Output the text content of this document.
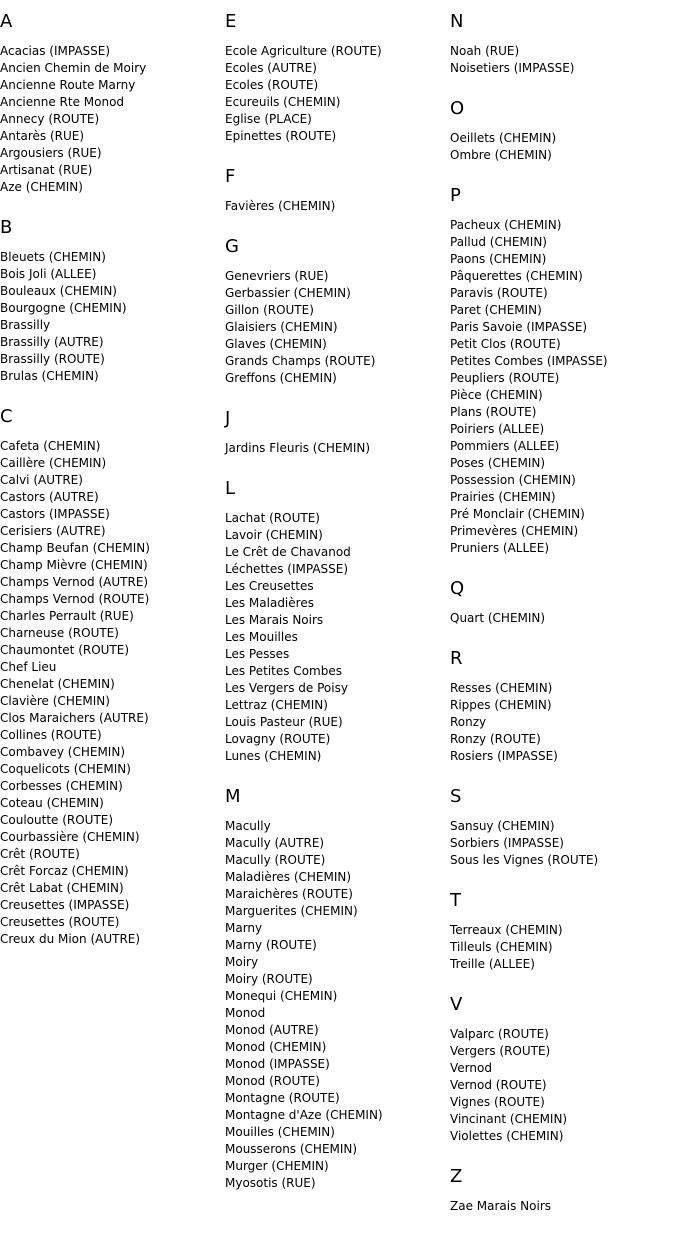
A
Acacias (IMPASSE)
Ancien Chemin de Moiry
Ancienne Route Marny
Ancienne Rte Monod
Annecy (ROUTE)
Antarès (RUE)
Argousiers (RUE)
Artisanat (RUE)
Aze (CHEMIN)
B
Bleuets (CHEMIN)
Bois Joli (ALLEE)
Bouleaux (CHEMIN)
Bourgogne (CHEMIN)
Brassilly
Brassilly (AUTRE)
Brassilly (ROUTE)
Brulas (CHEMIN)
C
Cafeta (CHEMIN)
Caillère (CHEMIN)
Calvi (AUTRE)
Castors (AUTRE)
Castors (IMPASSE)
Cerisiers (AUTRE)
Champ Beufan (CHEMIN)
Champ Mièvre (CHEMIN)
Champs Vernod (AUTRE)
Champs Vernod (ROUTE)
Charles Perrault (RUE)
Charneuse (ROUTE)
Chaumontet (ROUTE)
Chef Lieu
Chenelat (CHEMIN)
Clavière (CHEMIN)
Clos Maraichers (AUTRE)
Collines (ROUTE)
Combavey (CHEMIN)
Coquelicots (CHEMIN)
Corbesses (CHEMIN)
Coteau (CHEMIN)
Couloutte (ROUTE)
Courbassière (CHEMIN)
Crêt (ROUTE)
Crêt Forcaz (CHEMIN)
Crêt Labat (CHEMIN)
Creusettes (IMPASSE)
Creusettes (ROUTE)
Creux du Mion (AUTRE)
E
Ecole Agriculture (ROUTE)
Ecoles (AUTRE)
Ecoles (ROUTE)
Ecureuils (CHEMIN)
Eglise (PLACE)
Epinettes (ROUTE)
F
Favières (CHEMIN)
G
Genevriers (RUE)
Gerbassier (CHEMIN)
Gillon (ROUTE)
Glaisiers (CHEMIN)
Glaves (CHEMIN)
Grands Champs (ROUTE)
Greffons (CHEMIN)
J
Jardins Fleuris (CHEMIN)
L
Lachat (ROUTE)
Lavoir (CHEMIN)
Le Crêt de Chavanod
Léchettes (IMPASSE)
Les Creusettes
Les Maladières
Les Marais Noirs
Les Mouilles
Les Pesses
Les Petites Combes
Les Vergers de Poisy
Lettraz (CHEMIN)
Louis Pasteur (RUE)
Lovagny (ROUTE)
Lunes (CHEMIN)
M
Macully
Macully (AUTRE)
Macully (ROUTE)
Maladières (CHEMIN)
Maraichères (ROUTE)
Marguerites (CHEMIN)
Marny
Marny (ROUTE)
Moiry
Moiry (ROUTE)
Monequi (CHEMIN)
Monod
Monod (AUTRE)
Monod (CHEMIN)
Monod (IMPASSE)
Monod (ROUTE)
Montagne (ROUTE)
Montagne d'Aze (CHEMIN)
Mouilles (CHEMIN)
Mousserons (CHEMIN)
Murger (CHEMIN)
Myosotis (RUE)
N
Noah (RUE)
Noisetiers (IMPASSE)
O
Oeillets (CHEMIN)
Ombre (CHEMIN)
P
Pacheux (CHEMIN)
Pallud (CHEMIN)
Paons (CHEMIN)
Pâquerettes (CHEMIN)
Paravis (ROUTE)
Paret (CHEMIN)
Paris Savoie (IMPASSE)
Petit Clos (ROUTE)
Petites Combes (IMPASSE)
Peupliers (ROUTE)
Pièce (CHEMIN)
Plans (ROUTE)
Poiriers (ALLEE)
Pommiers (ALLEE)
Poses (CHEMIN)
Possession (CHEMIN)
Prairies (CHEMIN)
Pré Monclair (CHEMIN)
Primevères (CHEMIN)
Pruniers (ALLEE)
Q
Quart (CHEMIN)
R
Resses (CHEMIN)
Rippes (CHEMIN)
Ronzy
Ronzy (ROUTE)
Rosiers (IMPASSE)
S
Sansuy (CHEMIN)
Sorbiers (IMPASSE)
Sous les Vignes (ROUTE)
T
Terreaux (CHEMIN)
Tilleuls (CHEMIN)
Treille (ALLEE)
V
Valparc (ROUTE)
Vergers (ROUTE)
Vernod
Vernod (ROUTE)
Vignes (ROUTE)
Vincinant (CHEMIN)
Violettes (CHEMIN)
Z
Zae Marais Noirs
